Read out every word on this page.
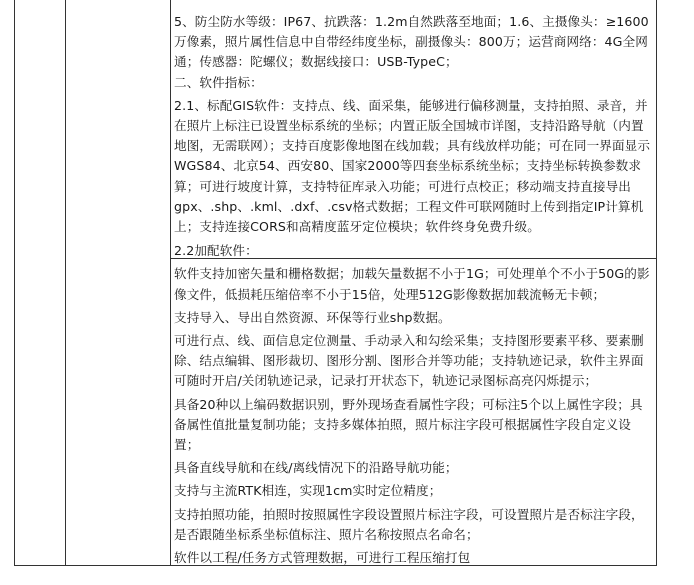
5、防尘防水等级：IP67、抗跌落：1.2m自然跌落至地面；1.6、主摄像头：≥1600万像素，照片属性信息中自带经纬度坐标，副摄像头：800万；运营商网络：4G全网通；传感器：陀螺仪；数据线接口：USB-TypeC；

二、软件指标：

2.1、标配GIS软件：支持点、线、面采集，能够进行偏移测量，支持拍照、录音，并在照片上标注已设置坐标系统的坐标；内置正版全国城市详图，支持沿路导航（内置地图，无需联网）；支持百度影像地图在线加载；具有线放样功能；可在同一界面显示WGS84、北京54、西安80、国家2000等四套坐标系统坐标；支持坐标转换参数求算；可进行坡度计算，支持特征库录入功能；可进行点校正；移动端支持直接导出gpx、.shp、.kml、.dxf、.csv格式数据；工程文件可联网随时上传到指定IP计算机上；支持连接CORS和高精度蓝牙定位模块；软件终身免费升级。

2.2加配软件：

软件支持加密矢量和栅格数据；加载矢量数据不小于1G；可处理单个不小于50G的影像文件，低损耗压缩倍率不小于15倍，处理512G影像数据加载流畅无卡顿；

支持导入、导出自然资源、环保等行业shp数据。

可进行点、线、面信息定位测量、手动录入和勾绘采集；支持图形要素平移、要素删除、结点编辑、图形裁切、图形分割、图形合并等功能；支持轨迹记录，软件主界面可随时开启/关闭轨迹记录，记录打开状态下，轨迹记录图标高亮闪烁提示；

具备20种以上编码数据识别，野外现场查看属性字段；可标注5个以上属性字段；具备属性值批量复制功能；支持多媒体拍照，照片标注字段可根据属性字段自定义设置；

具备直线导航和在线/离线情况下的沿路导航功能；

支持与主流RTK相连，实现1cm实时定位精度；

支持拍照功能，拍照时按照属性字段设置照片标注字段，可设置照片是否标注字段，是否跟随坐标系坐标值标注、照片名称按照点名命名；

软件以工程/任务方式管理数据，可进行工程压缩打包
